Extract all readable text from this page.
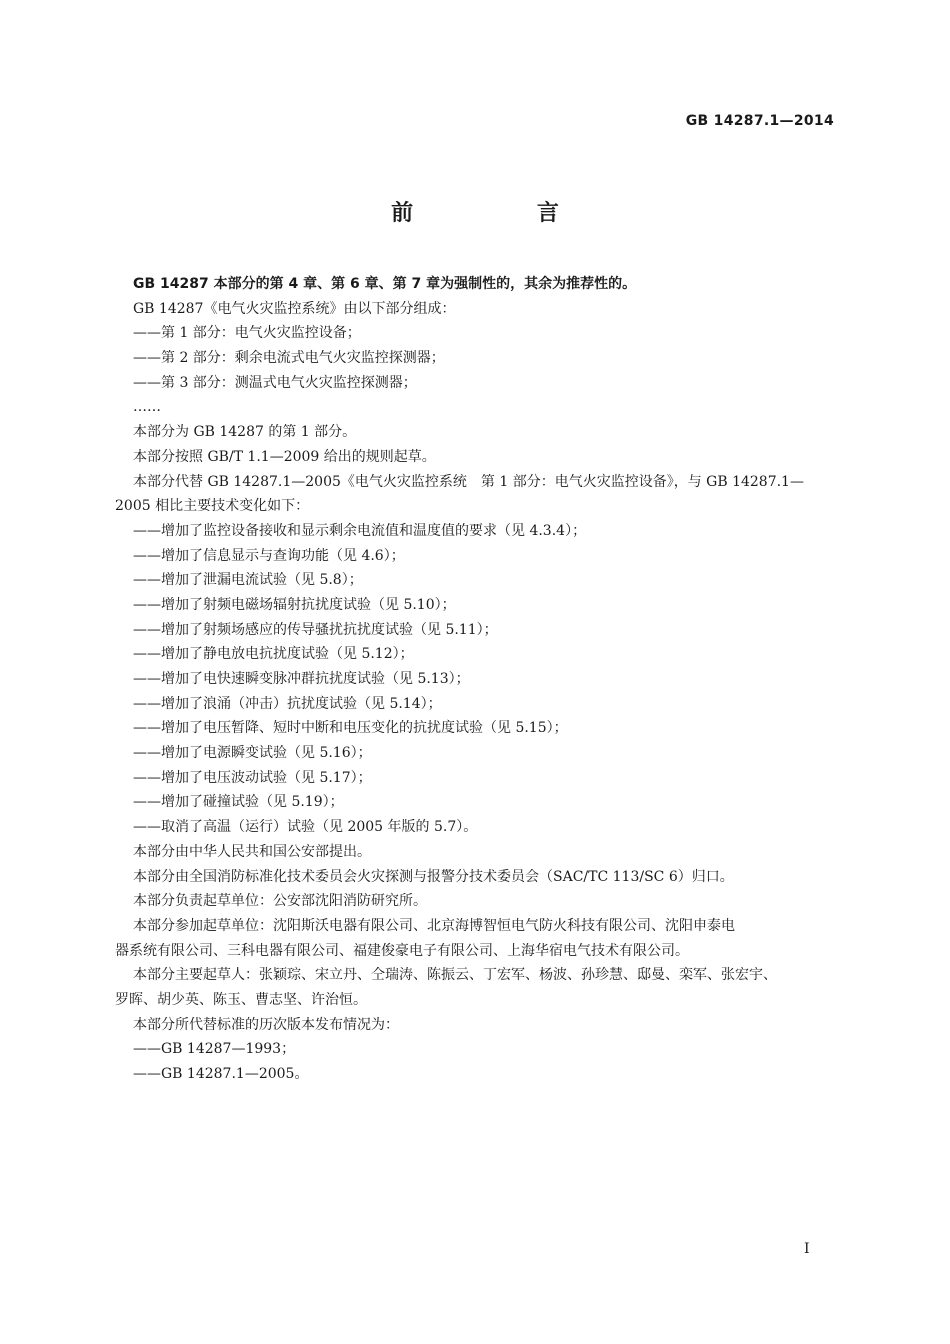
GB 14287.1—2014
前 言
GB 14287 本部分的第 4 章、第 6 章、第 7 章为强制性的，其余为推荐性的。
GB 14287《电气火灾监控系统》由以下部分组成：
——第 1 部分：电气火灾监控设备；
——第 2 部分：剩余电流式电气火灾监控探测器；
——第 3 部分：测温式电气火灾监控探测器；
……
本部分为 GB 14287 的第 1 部分。
本部分按照 GB/T 1.1—2009 给出的规则起草。
本部分代替 GB 14287.1—2005《电气火灾监控系统　第 1 部分：电气火灾监控设备》，与 GB 14287.1—
2005 相比主要技术变化如下：
——增加了监控设备接收和显示剩余电流值和温度值的要求（见 4.3.4）；
——增加了信息显示与查询功能（见 4.6）；
——增加了泄漏电流试验（见 5.8）；
——增加了射频电磁场辐射抗扰度试验（见 5.10）；
——增加了射频场感应的传导骚扰抗扰度试验（见 5.11）；
——增加了静电放电抗扰度试验（见 5.12）；
——增加了电快速瞬变脉冲群抗扰度试验（见 5.13）；
——增加了浪涌（冲击）抗扰度试验（见 5.14）；
——增加了电压暂降、短时中断和电压变化的抗扰度试验（见 5.15）；
——增加了电源瞬变试验（见 5.16）；
——增加了电压波动试验（见 5.17）；
——增加了碰撞试验（见 5.19）；
——取消了高温（运行）试验（见 2005 年版的 5.7）。
本部分由中华人民共和国公安部提出。
本部分由全国消防标准化技术委员会火灾探测与报警分技术委员会（SAC/TC 113/SC 6）归口。
本部分负责起草单位：公安部沈阳消防研究所。
本部分参加起草单位：沈阳斯沃电器有限公司、北京海博智恒电气防火科技有限公司、沈阳申泰电
器系统有限公司、三科电器有限公司、福建俊豪电子有限公司、上海华宿电气技术有限公司。
本部分主要起草人：张颖琮、宋立丹、仝瑞涛、陈振云、丁宏军、杨波、孙珍慧、邸曼、栾军、张宏宇、
罗晖、胡少英、陈玉、曹志坚、许治恒。
本部分所代替标准的历次版本发布情况为：
——GB 14287—1993；
——GB 14287.1—2005。
I
